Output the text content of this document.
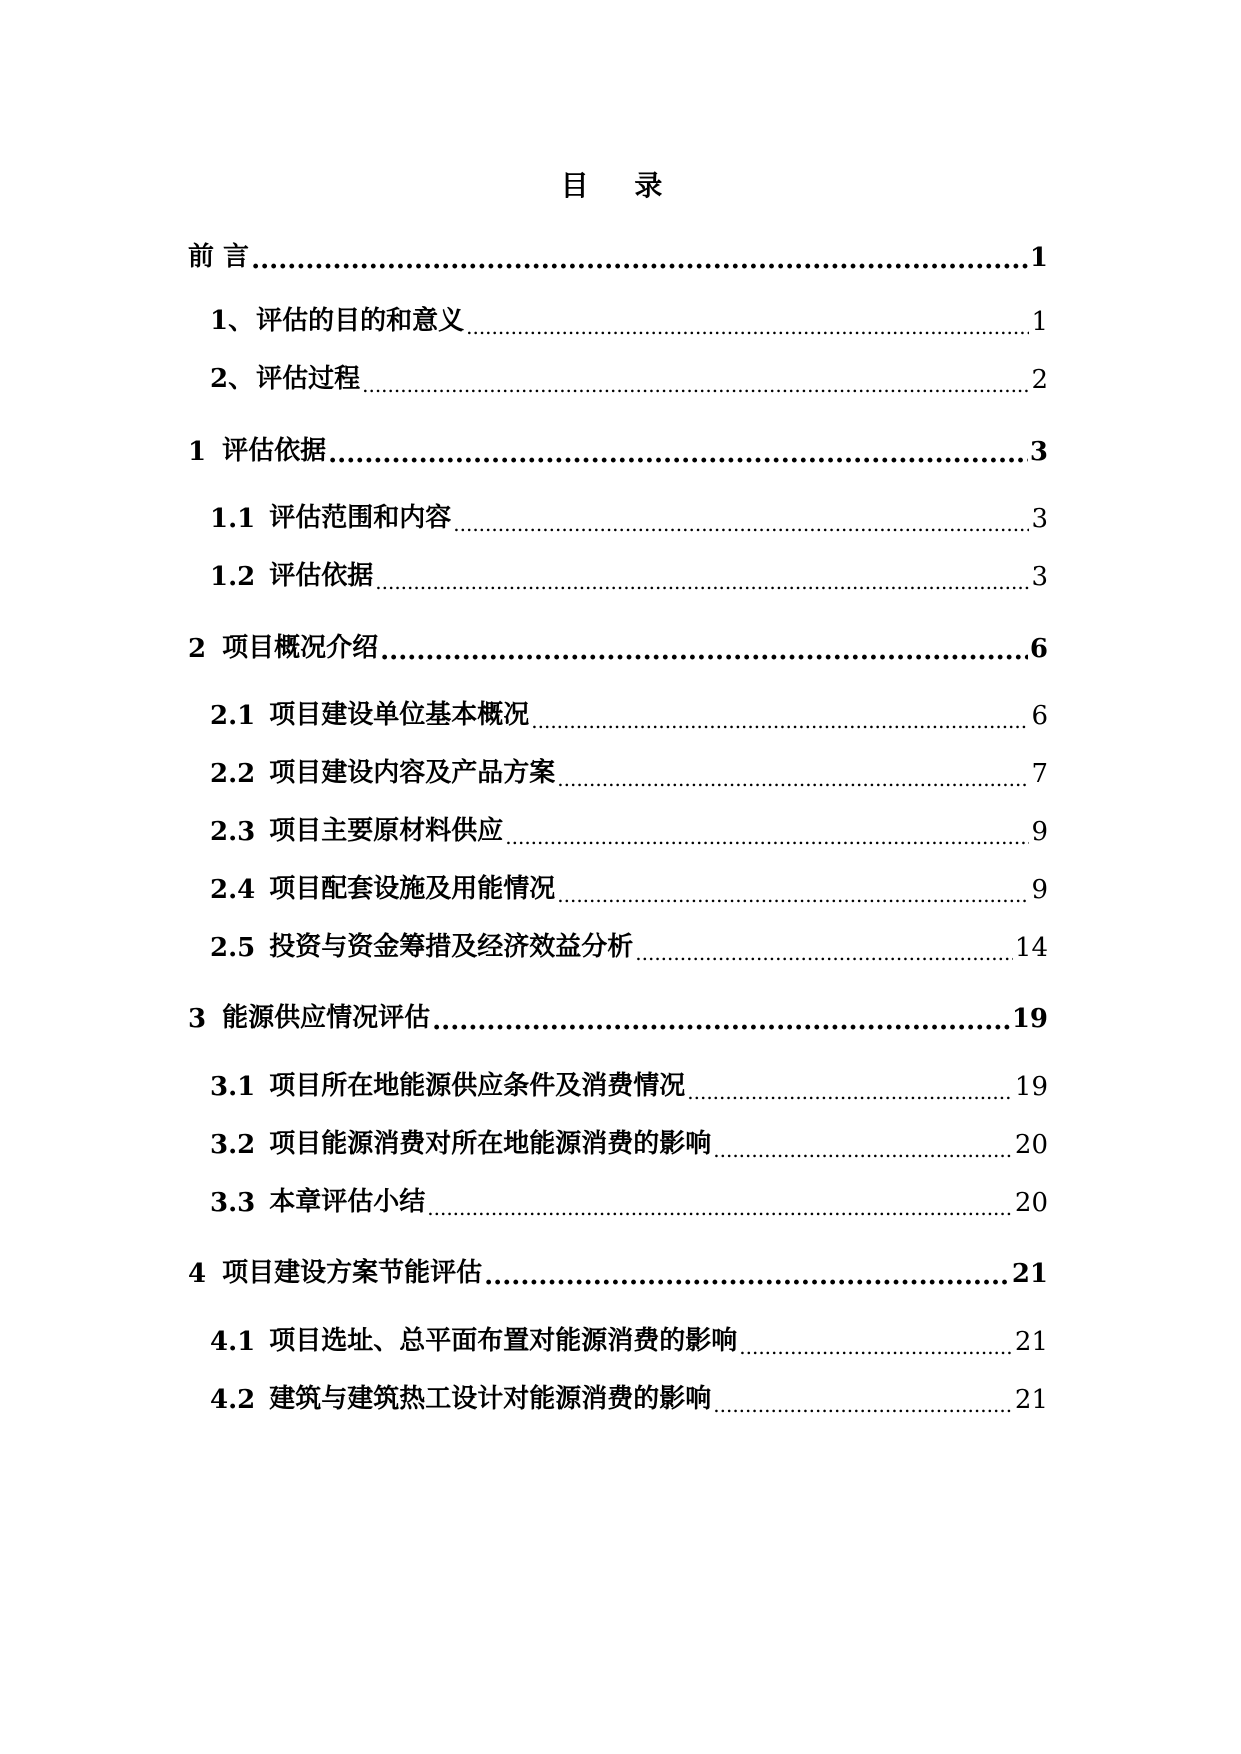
目 录
前 言 .....	1
1、 评估的目的和意义 .....	1
2、 评估过程 .....	2
1 评估依据 .....	3
1.1 评估范围和内容 .....	3
1.2 评估依据 .....	3
2 项目概况介绍 .....	6
2.1 项目建设单位基本概况 .....	6
2.2 项目建设内容及产品方案 .....	7
2.3 项目主要原材料供应 .....	9
2.4 项目配套设施及用能情况 .....	9
2.5 投资与资金筹措及经济效益分析 .....	14
3 能源供应情况评估 .....	19
3.1 项目所在地能源供应条件及消费情况 .....	19
3.2 项目能源消费对所在地能源消费的影响 .....	20
3.3 本章评估小结 .....	20
4 项目建设方案节能评估 .....	21
4.1 项目选址、总平面布置对能源消费的影响 .....	21
4.2 建筑与建筑热工设计对能源消费的影响 .....	21
